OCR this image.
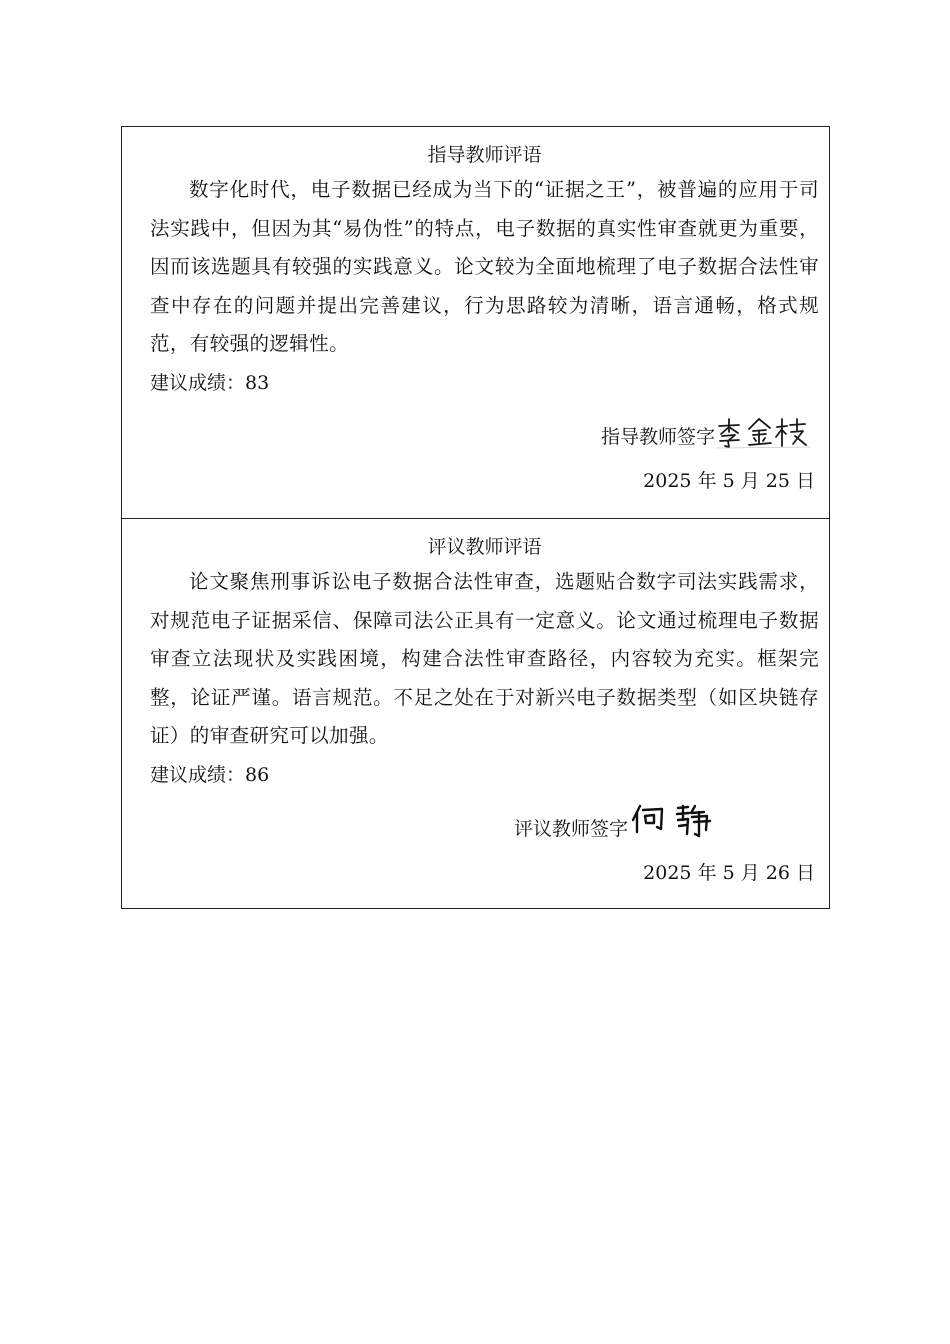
指导教师评语

数字化时代，电子数据已经成为当下的“证据之王”，被普遍的应用于司法实践中，但因为其“易伪性”的特点，电子数据的真实性审查就更为重要，因而该选题具有较强的实践意义。论文较为全面地梳理了电子数据合法性审查中存在的问题并提出完善建议，行为思路较为清晰，语言通畅，格式规范，有较强的逻辑性。

建议成绩：83

指导教师签字

2025 年 5 月 25 日

评议教师评语

论文聚焦刑事诉讼电子数据合法性审查，选题贴合数字司法实践需求，对规范电子证据采信、保障司法公正具有一定意义。论文通过梳理电子数据审查立法现状及实践困境，构建合法性审查路径，内容较为充实。框架完整，论证严谨。语言规范。不足之处在于对新兴电子数据类型（如区块链存证）的审查研究可以加强。

建议成绩：86

评议教师签字

2025 年 5 月 26 日
